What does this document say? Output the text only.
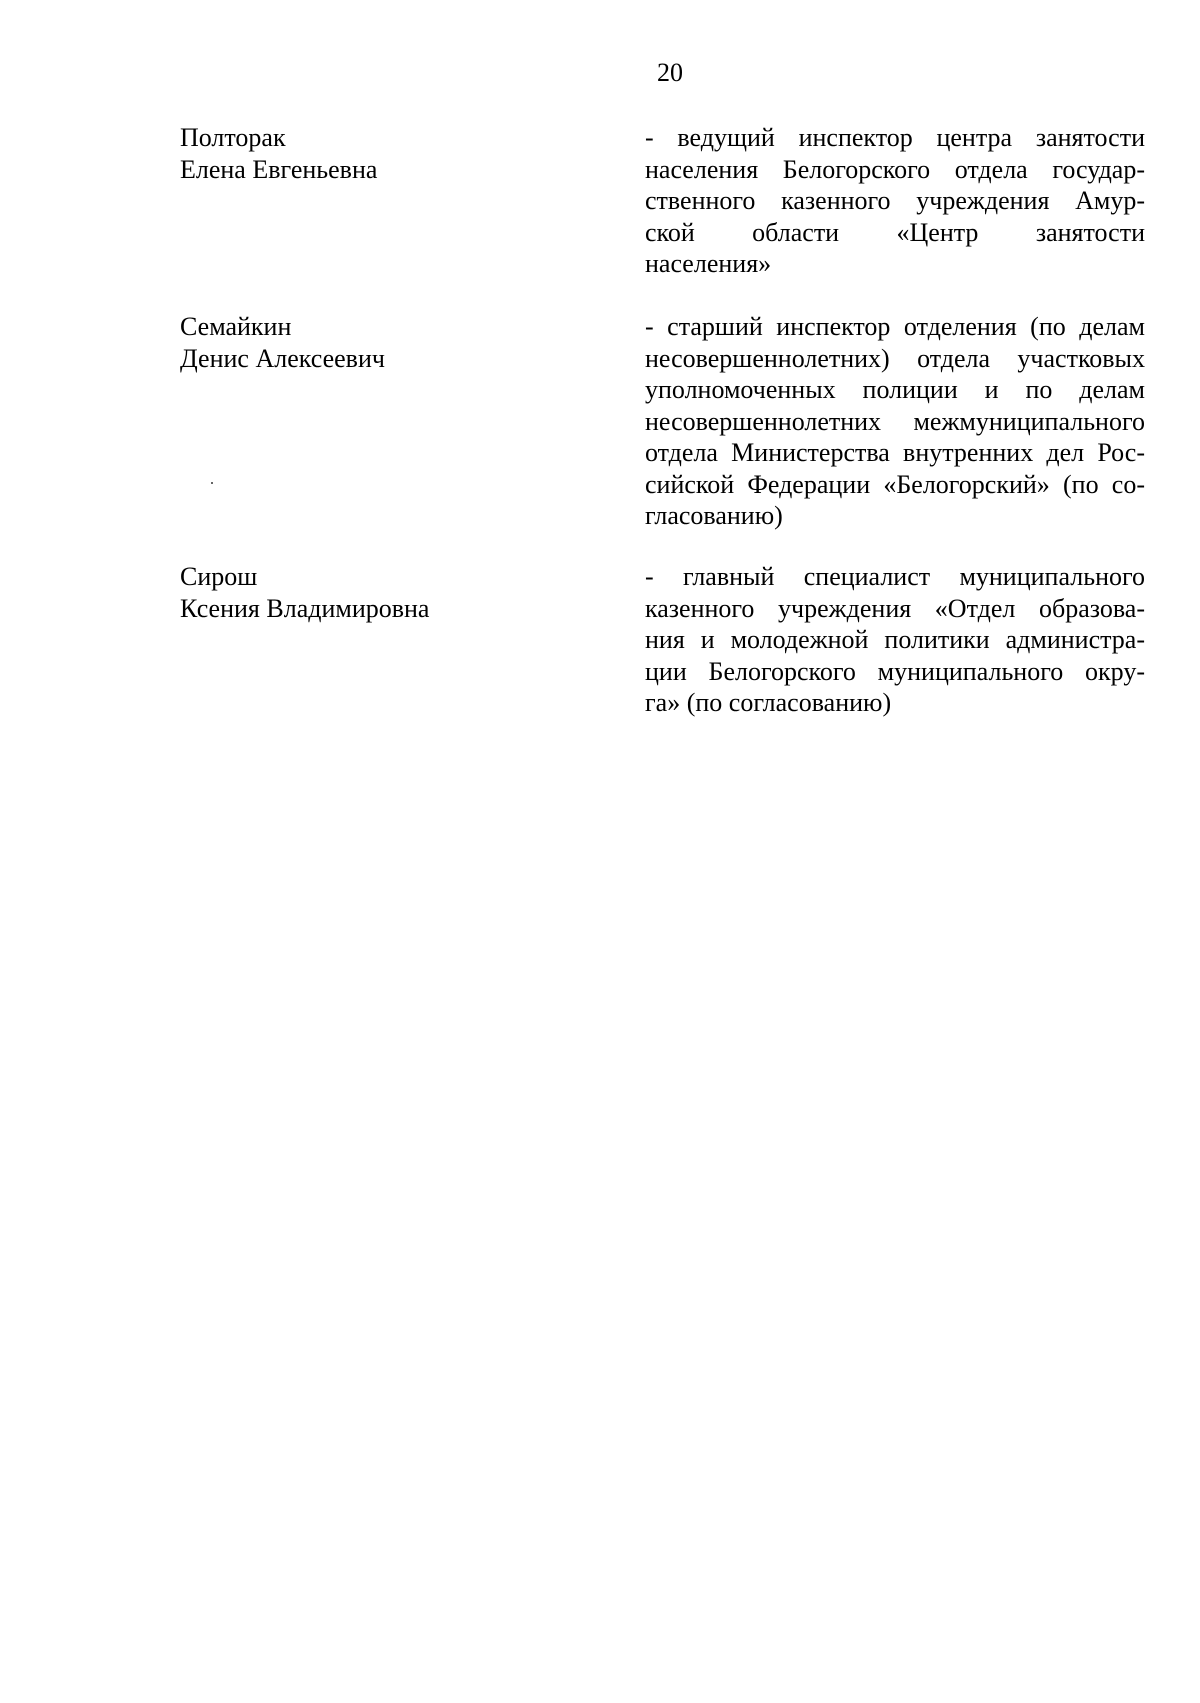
20
Полторак
Елена Евгеньевна
- ведущий инспектор центра занятости
населения Белогорского отдела государ-
ственного казенного учреждения Амур-
ской области «Центр занятости
населения»
Семайкин
Денис Алексеевич
- старший инспектор отделения (по делам
несовершеннолетних) отдела участковых
уполномоченных полиции и по делам
несовершеннолетних межмуниципального
отдела Министерства внутренних дел Рос-
сийской Федерации «Белогорский» (по со-
гласованию)
Сирош
Ксения Владимировна
- главный специалист муниципального
казенного учреждения «Отдел образова-
ния и молодежной политики администра-
ции Белогорского муниципального окру-
га» (по согласованию)
